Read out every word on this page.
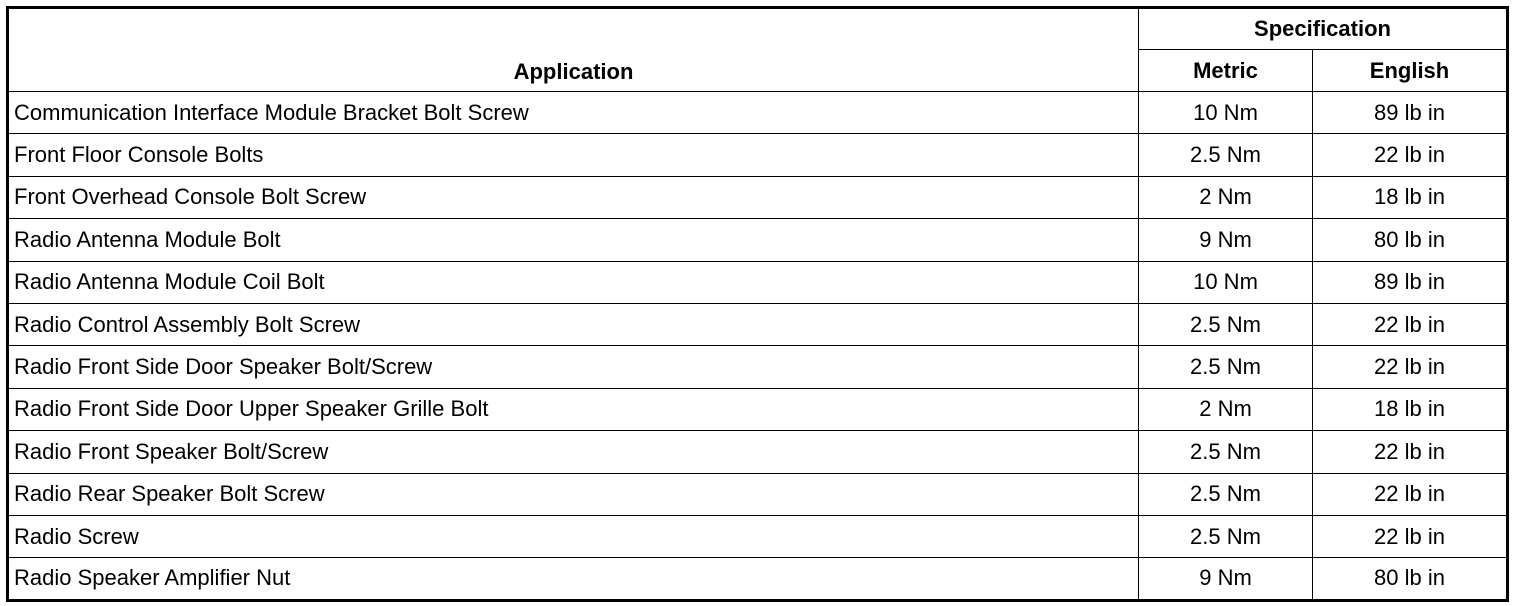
Application	Specification	
	Metric	English
Communication Interface Module Bracket Bolt Screw	10 Nm	89 lb in
Front Floor Console Bolts	2.5 Nm	22 lb in
Front Overhead Console Bolt Screw	2 Nm	18 lb in
Radio Antenna Module Bolt	9 Nm	80 lb in
Radio Antenna Module Coil Bolt	10 Nm	89 lb in
Radio Control Assembly Bolt Screw	2.5 Nm	22 lb in
Radio Front Side Door Speaker Bolt/Screw	2.5 Nm	22 lb in
Radio Front Side Door Upper Speaker Grille Bolt	2 Nm	18 lb in
Radio Front Speaker Bolt/Screw	2.5 Nm	22 lb in
Radio Rear Speaker Bolt Screw	2.5 Nm	22 lb in
Radio Screw	2.5 Nm	22 lb in
Radio Speaker Amplifier Nut	9 Nm	80 lb in
